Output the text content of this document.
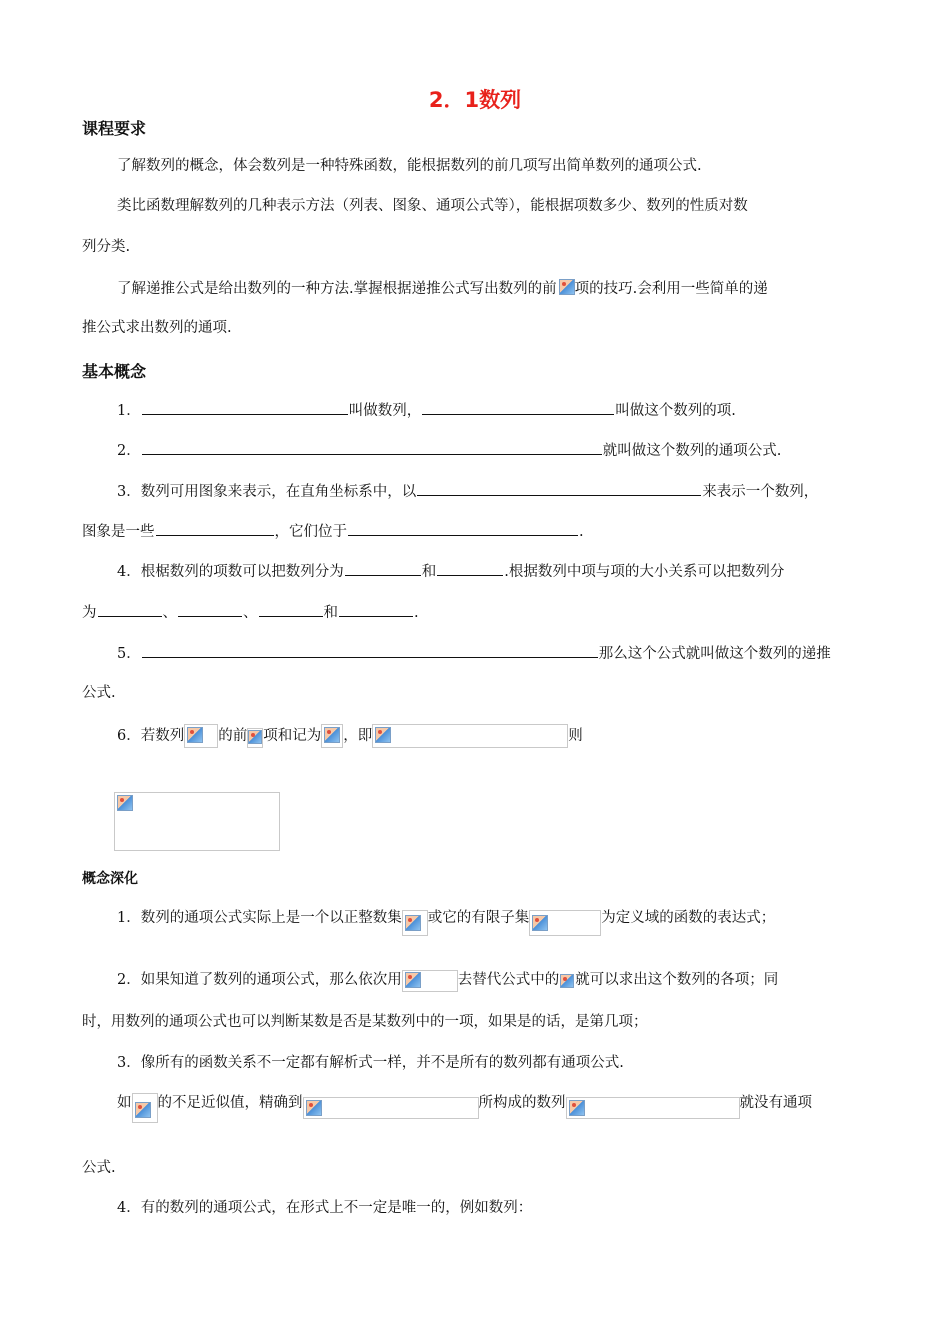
2．1数列
课程要求
了解数列的概念，体会数列是一种特殊函数，能根据数列的前几项写出简单数列的通项公式.
类比函数理解数列的几种表示方法（列表、图象、通项公式等），能根据项数多少、数列的性质对数
列分类.
了解递推公式是给出数列的一种方法.掌握根据递推公式写出数列的前 项的技巧.会利用一些简单的递
推公式求出数列的通项.
基本概念
1．	叫做数列，	叫做这个数列的项.
2．	就叫做这个数列的通项公式.
3．数列可用图象来表示，在直角坐标系中，以	来表示一个数列，
图象是一些	，它们位于	.
4．根椐数列的项数可以把数列分为	和	.根据数列中项与项的大小关系可以把数列分
为	、	、	和	.
5．	那么这个公式就叫做这个数列的递推
公式.
6．若数列 的前 项和记为 ，即	则
概念深化
1．数列的通项公式实际上是一个以正整数集 或它的有限子集	为定义域的函数的表达式；
2．如果知道了数列的通项公式，那么依次用	去替代公式中的 就可以求出这个数列的各项；同
时，用数列的通项公式也可以判断某数是否是某数列中的一项，如果是的话，是第几项；
3．像所有的函数关系不一定都有解析式一样，并不是所有的数列都有通项公式.
如 的不足近似值，精确到	所构成的数列	就没有通项
公式.
4．有的数列的通项公式，在形式上不一定是唯一的，例如数列：
